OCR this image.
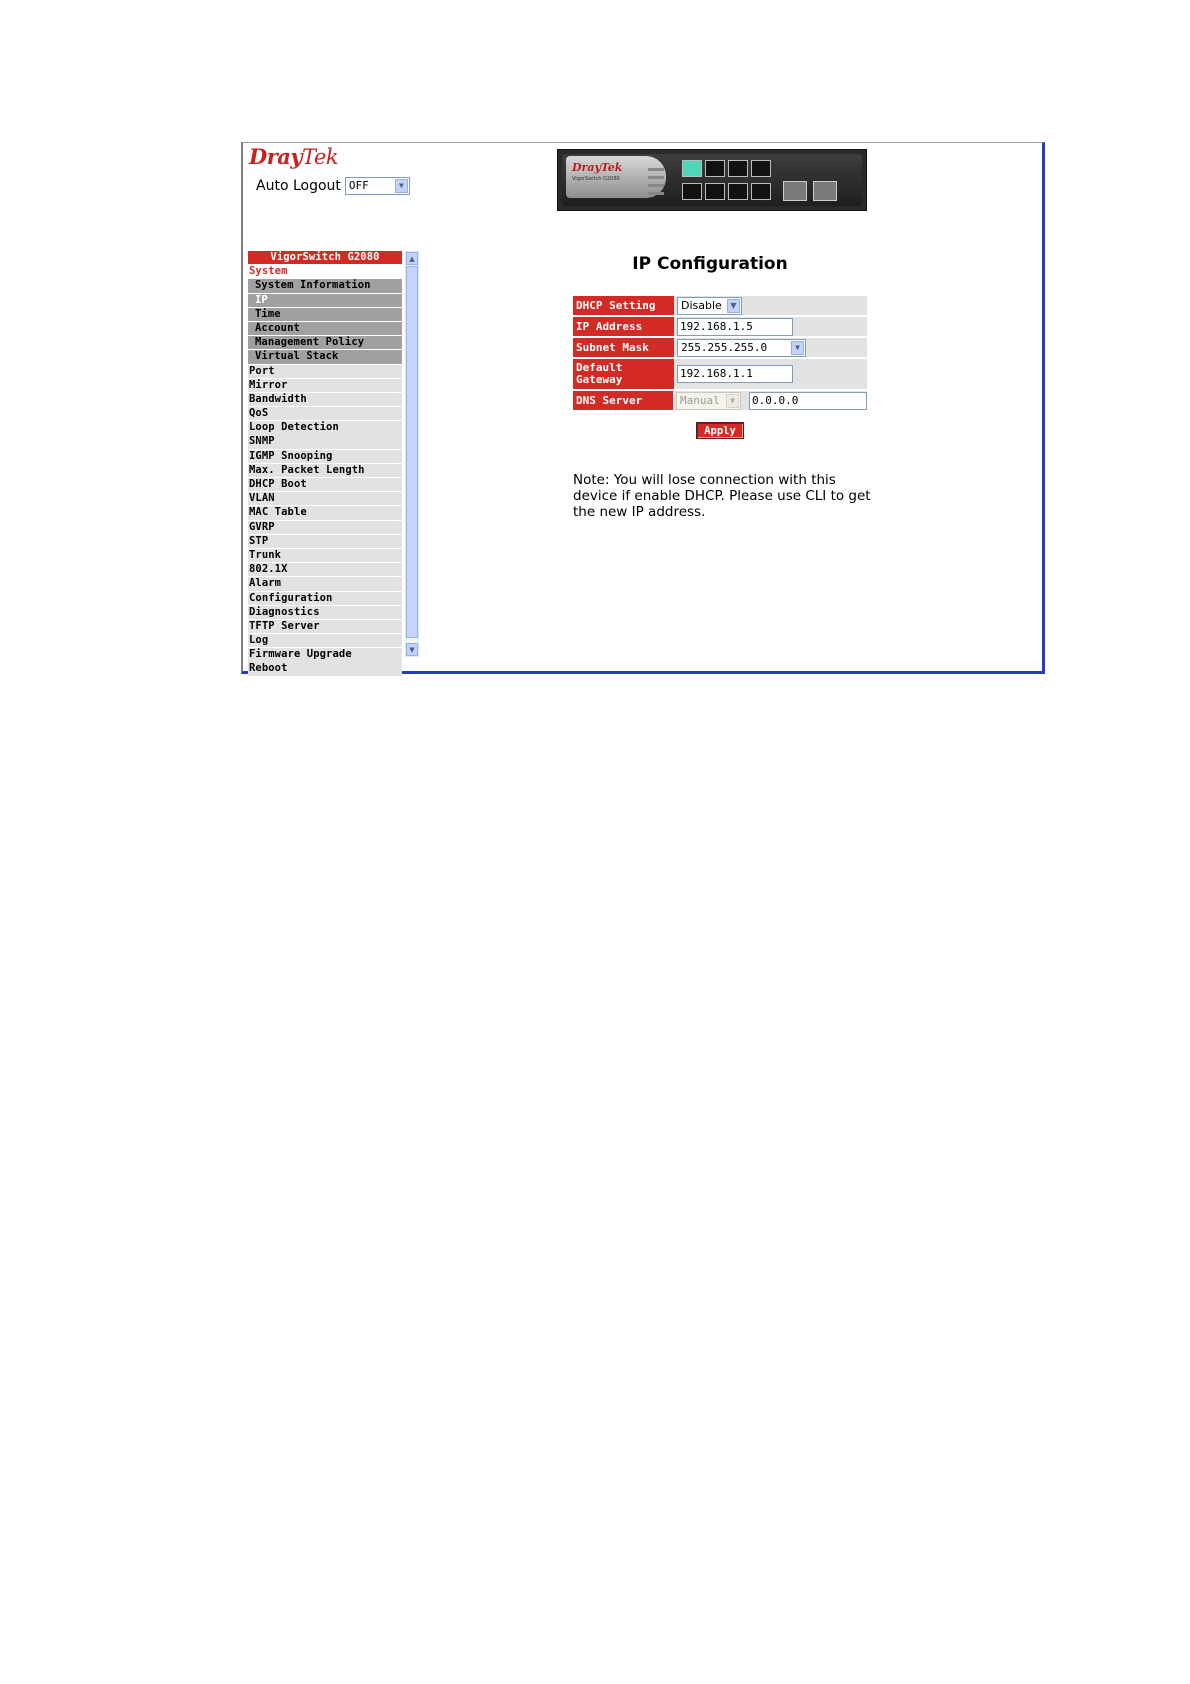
DrayTek
Auto Logout OFF	▼
DrayTek
VigorSwitch G2080
VigorSwitch G2080
System
System Information
IP
Time
Account
Management Policy
Virtual Stack
Port
Mirror
Bandwidth
QoS
Loop Detection
SNMP
IGMP Snooping
Max. Packet Length
DHCP Boot
VLAN
MAC Table
GVRP
STP
Trunk
802.1X
Alarm
Configuration
Diagnostics
TFTP Server
Log
Firmware Upgrade
Reboot
▲
▼
IP Configuration
DHCP Setting	Disable	▼
IP Address	192.168.1.5
Subnet Mask	255.255.255.0	▼
Default Gateway	192.168.1.1
DNS Server	Manual	▼	0.0.0.0
Apply
Note: You will lose connection with this device if enable DHCP. Please use CLI to get the new IP address.
